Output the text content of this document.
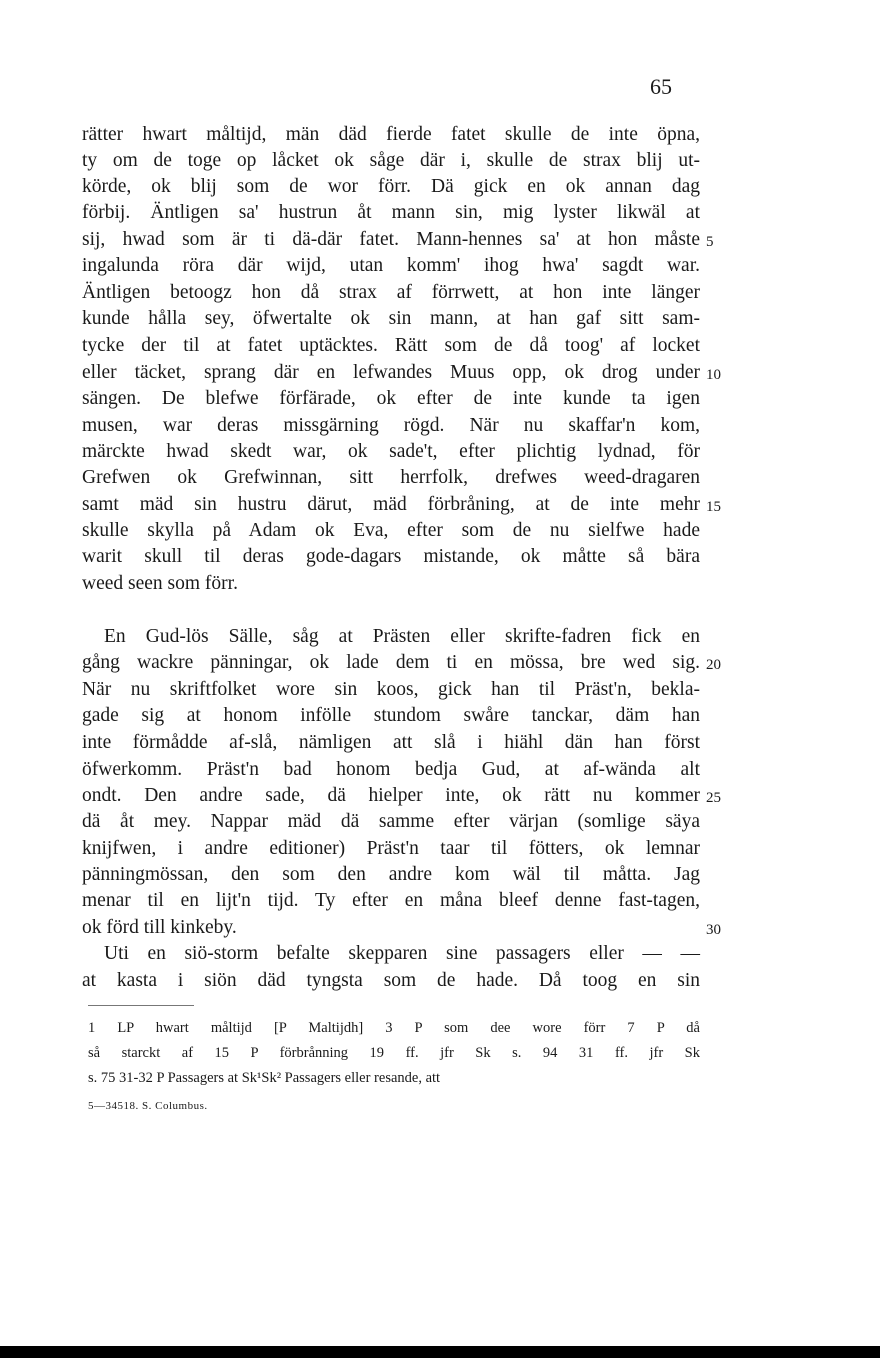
65
rätter hwart måltijd, män däd fierde fatet skulle de inte öpna,
ty om de toge op låcket ok såge där i, skulle de strax blij ut-
körde, ok blij som de wor förr. Dä gick en ok annan dag
förbij. Äntligen sa' hustrun åt mann sin, mig lyster likwäl at
sij, hwad som är ti dä-där fatet. Mann-hennes sa' at hon måste
ingalunda röra där wijd, utan komm' ihog hwa' sagdt war.
Äntligen betoogz hon då strax af förrwett, at hon inte länger
kunde hålla sey, öfwertalte ok sin mann, at han gaf sitt sam-
tycke der til at fatet uptäcktes. Rätt som de då toog' af locket
eller täcket, sprang där en lefwandes Muus opp, ok drog under
sängen. De blefwe förfärade, ok efter de inte kunde ta igen
musen, war deras missgärning rögd. När nu skaffar'n kom,
märckte hwad skedt war, ok sade't, efter plichtig lydnad, för
Grefwen ok Grefwinnan, sitt herrfolk, drefwes weed-dragaren
samt mäd sin hustru därut, mäd förbråning, at de inte mehr
skulle skylla på Adam ok Eva, efter som de nu sielfwe hade
warit skull til deras gode-dagars mistande, ok måtte så bära
weed seen som förr.
En Gud-lös Sälle, såg at Prästen eller skrifte-fadren fick en
gång wackre pänningar, ok lade dem ti en mössa, bre wed sig.
När nu skriftfolket wore sin koos, gick han til Präst'n, bekla-
gade sig at honom infölle stundom swåre tanckar, däm han
inte förmådde af-slå, nämligen att slå i hiähl dän han först
öfwerkomm. Präst'n bad honom bedja Gud, at af-wända alt
ondt. Den andre sade, dä hielper inte, ok rätt nu kommer
dä åt mey. Nappar mäd dä samme efter värjan (somlige säya
knijfwen, i andre editioner) Präst'n taar til fötters, ok lemnar
pänningmössan, den som den andre kom wäl til måtta. Jag
menar til en lijt'n tijd. Ty efter en måna bleef denne fast-tagen,
ok förd till kinkeby.
Uti en siö-storm befalte skepparen sine passagers eller — —
at kasta i siön däd tyngsta som de hade. Då toog en sin
5
10
15
20
25
30
1 LP hwart måltijd [P Maltijdh] 3 P som dee wore förr 7 P då
så starckt af 15 P förbrånning 19 ff. jfr Sk s. 94 31 ff. jfr Sk
s. 75 31-32 P Passagers at Sk¹Sk² Passagers eller resande, att
5—34518. S. Columbus.
